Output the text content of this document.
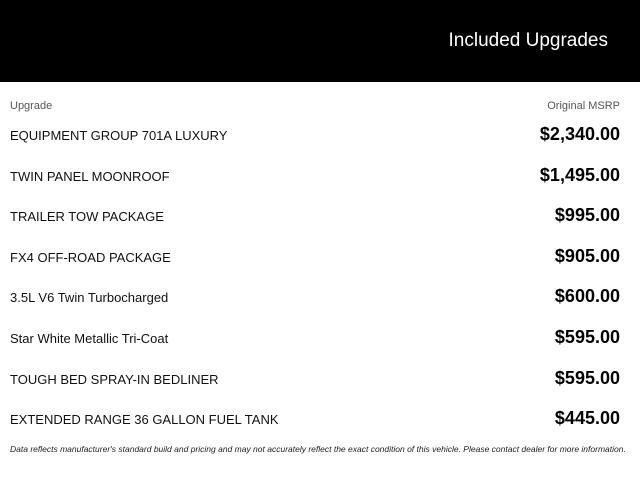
Included Upgrades
Upgrade	Original MSRP
EQUIPMENT GROUP 701A LUXURY	$2,340.00
TWIN PANEL MOONROOF	$1,495.00
TRAILER TOW PACKAGE	$995.00
FX4 OFF-ROAD PACKAGE	$905.00
3.5L V6 Twin Turbocharged	$600.00
Star White Metallic Tri-Coat	$595.00
TOUGH BED SPRAY-IN BEDLINER	$595.00
EXTENDED RANGE 36 GALLON FUEL TANK	$445.00
Data reflects manufacturer's standard build and pricing and may not accurately reflect the exact condition of this vehicle. Please contact dealer for more information.
